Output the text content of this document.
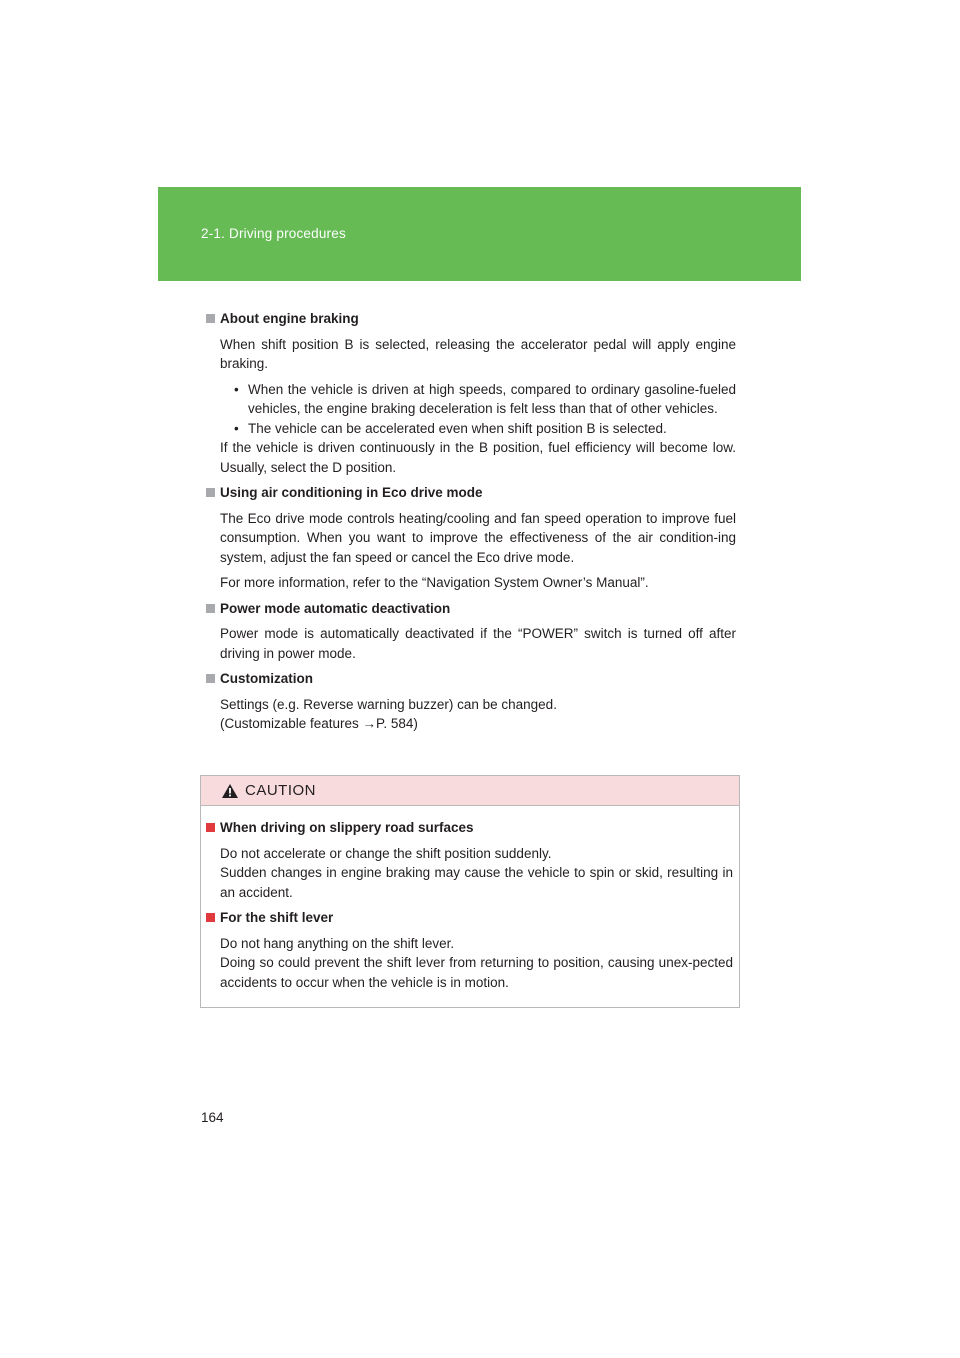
2-1. Driving procedures
About engine braking

When shift position B is selected, releasing the accelerator pedal will apply engine braking.

• When the vehicle is driven at high speeds, compared to ordinary gasoline-fueled vehicles, the engine braking deceleration is felt less than that of other vehicles.
• The vehicle can be accelerated even when shift position B is selected.

If the vehicle is driven continuously in the B position, fuel efficiency will become low. Usually, select the D position.

Using air conditioning in Eco drive mode

The Eco drive mode controls heating/cooling and fan speed operation to improve fuel consumption. When you want to improve the effectiveness of the air condition-ing system, adjust the fan speed or cancel the Eco drive mode.

For more information, refer to the “Navigation System Owner’s Manual”.

Power mode automatic deactivation

Power mode is automatically deactivated if the “POWER” switch is turned off after driving in power mode.

Customization

Settings (e.g. Reverse warning buzzer) can be changed.

(Customizable features →P. 584)

CAUTION
When driving on slippery road surfaces

Do not accelerate or change the shift position suddenly.

Sudden changes in engine braking may cause the vehicle to spin or skid, resulting in an accident.

For the shift lever

Do not hang anything on the shift lever.

Doing so could prevent the shift lever from returning to position, causing unex-pected accidents to occur when the vehicle is in motion.

164
